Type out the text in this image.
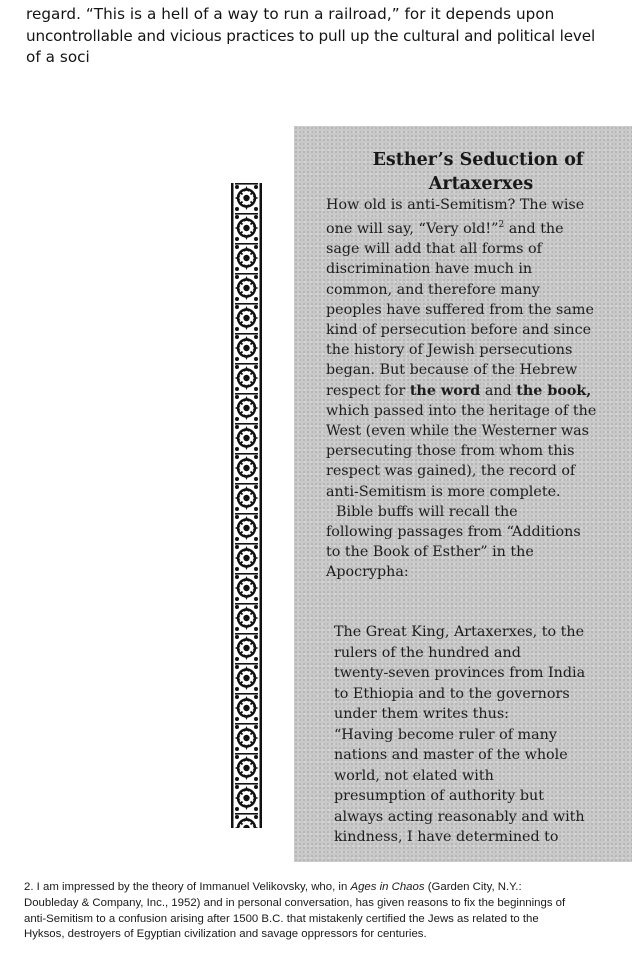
regard. “This is a hell of a way to run a railroad,” for it depends upon
uncontrollable and vicious practices to pull up the cultural and political level
of a soci
Esther’s Seduction of
Artaxerxes
How old is anti-Semitism? The wise
one will say, “Very old!”$^2$ and the
sage will add that all forms of
discrimination have much in
common, and therefore many
peoples have suffered from the same
kind of persecution before and since
the history of Jewish persecutions
began. But because of the Hebrew
respect for the word and the book,
which passed into the heritage of the
West (even while the Westerner was
persecuting those from whom this
respect was gained), the record of
anti-Semitism is more complete.
Bible buffs will recall the
following passages from “Additions
to the Book of Esther” in the
Apocrypha:
The Great King, Artaxerxes, to the
rulers of the hundred and
twenty-seven provinces from India
to Ethiopia and to the governors
under them writes thus:
“Having become ruler of many
nations and master of the whole
world, not elated with
presumption of authority but
always acting reasonably and with
kindness, I have determined to
2. I am impressed by the theory of Immanuel Velikovsky, who, in Ages in Chaos (Garden City, N.Y.:
Doubleday & Company, Inc., 1952) and in personal conversation, has given reasons to fix the beginnings of
anti-Semitism to a confusion arising after 1500 B.C. that mistakenly certified the Jews as related to the
Hyksos, destroyers of Egyptian civilization and savage oppressors for centuries.
